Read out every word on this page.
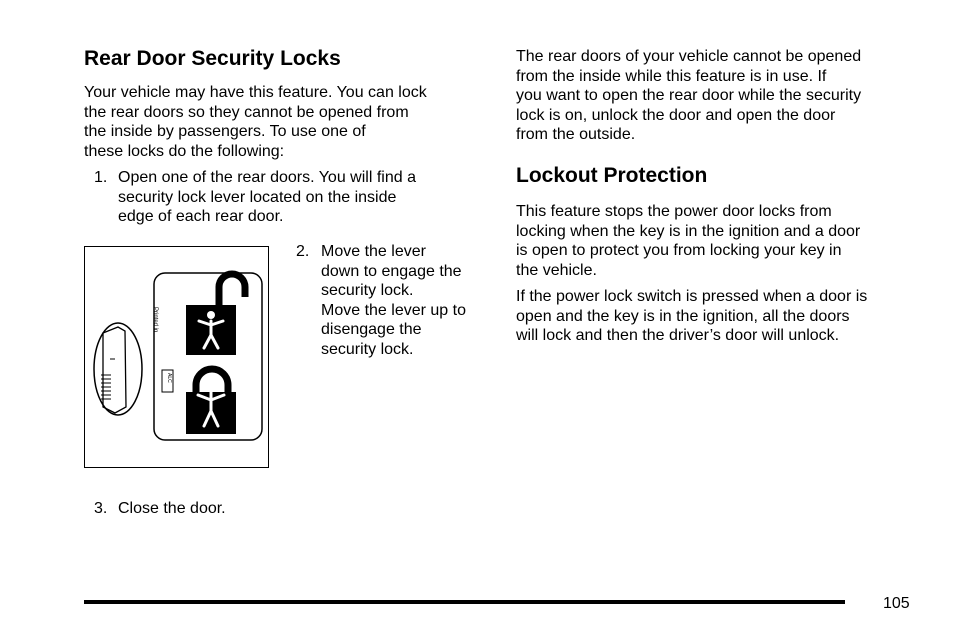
Rear Door Security Locks

Your vehicle may have this feature. You can lock
the rear doors so they cannot be opened from
the inside by passengers. To use one of
these locks do the following:

1. Open one of the rear doors. You will find a
security lock lever located on the inside
edge of each rear door.

Printed in
ALC
2. Move the lever
down to engage the
security lock.
Move the lever up to
disengage the
security lock.

3. Close the door.

The rear doors of your vehicle cannot be opened
from the inside while this feature is in use. If
you want to open the rear door while the security
lock is on, unlock the door and open the door
from the outside.

Lockout Protection

This feature stops the power door locks from
locking when the key is in the ignition and a door
is open to protect you from locking your key in
the vehicle.

If the power lock switch is pressed when a door is
open and the key is in the ignition, all the doors
will lock and then the driver’s door will unlock.

105
